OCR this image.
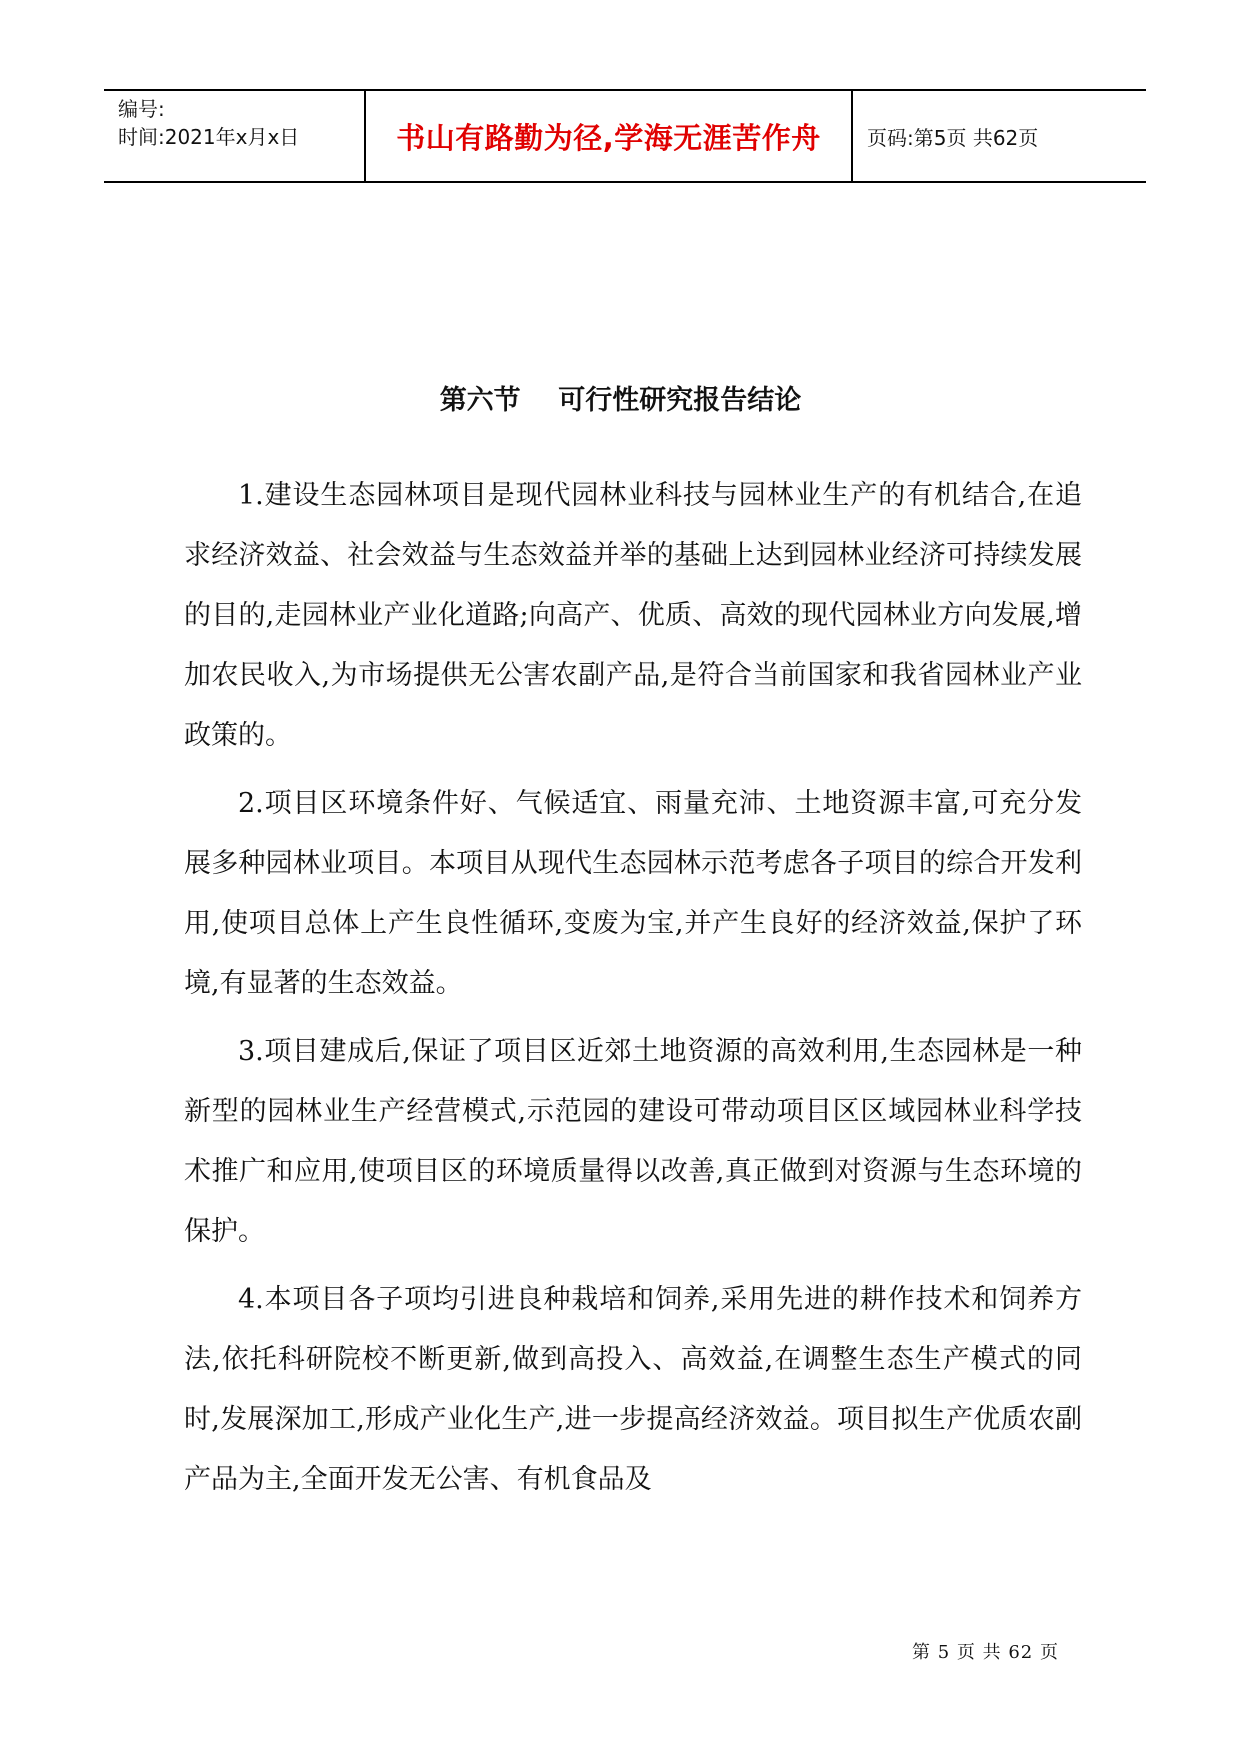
编号:
时间:2021年x月x日	书山有路勤为径,学海无涯苦作舟 页码:第5页 共62页
第六节    可行性研究报告结论

1.建设生态园林项目是现代园林业科技与园林业生产的有机结合,在追求经济效益、社会效益与生态效益并举的基础上达到园林业经济可持续发展的目的,走园林业产业化道路;向高产、优质、高效的现代园林业方向发展,增加农民收入,为市场提供无公害农副产品,是符合当前国家和我省园林业产业政策的。

2.项目区环境条件好、气候适宜、雨量充沛、土地资源丰富,可充分发展多种园林业项目。本项目从现代生态园林示范考虑各子项目的综合开发利用,使项目总体上产生良性循环,变废为宝,并产生良好的经济效益,保护了环境,有显著的生态效益。

3.项目建成后,保证了项目区近郊土地资源的高效利用,生态园林是一种新型的园林业生产经营模式,示范园的建设可带动项目区区域园林业科学技术推广和应用,使项目区的环境质量得以改善,真正做到对资源与生态环境的保护。

4.本项目各子项均引进良种栽培和饲养,采用先进的耕作技术和饲养方法,依托科研院校不断更新,做到高投入、高效益,在调整生态生产模式的同时,发展深加工,形成产业化生产,进一步提高经济效益。项目拟生产优质农副产品为主,全面开发无公害、有机食品及

第 5 页 共 62 页
